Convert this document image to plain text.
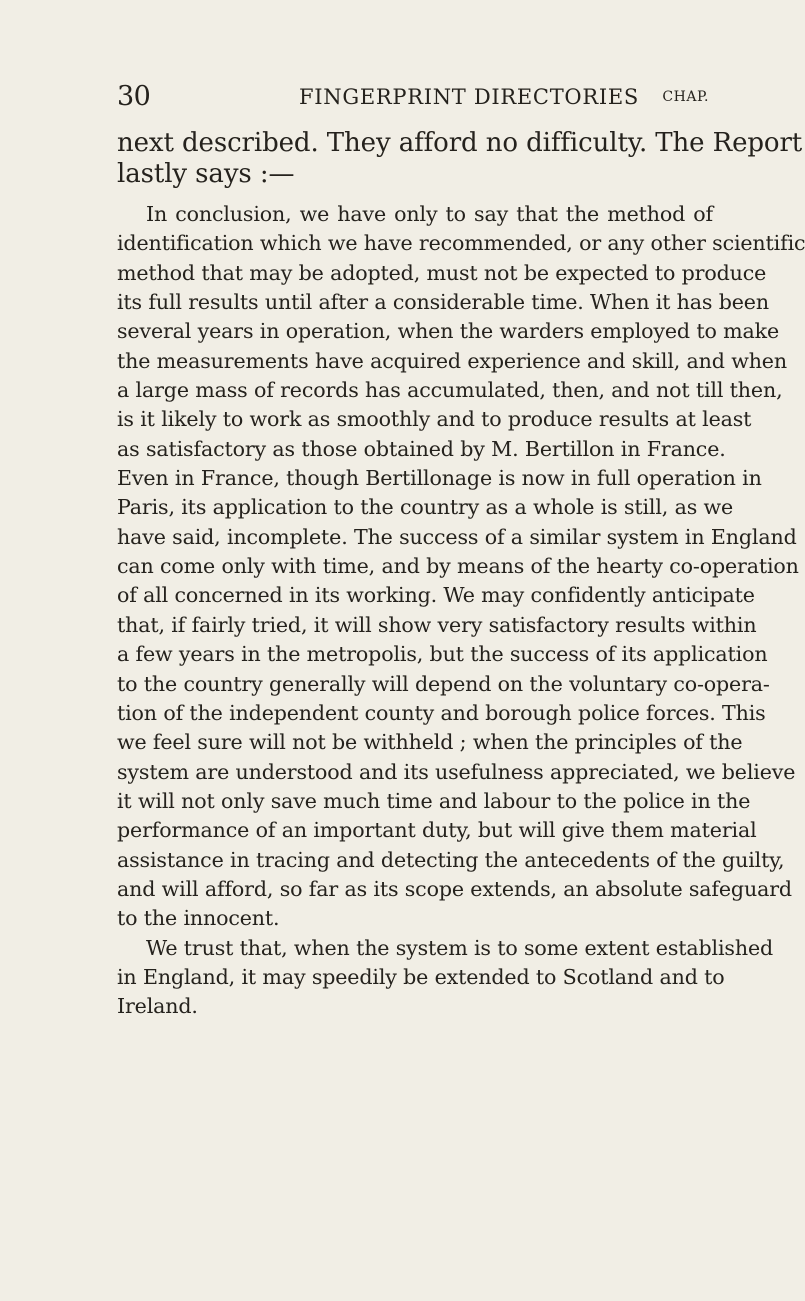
30	FINGERPRINT DIRECTORIES CHAP.
next described. They afford no difficulty. The Report
lastly says :—
In conclusion, we have only to say that the method of
identification which we have recommended, or any other scientific
method that may be adopted, must not be expected to produce
its full results until after a considerable time. When it has been
several years in operation, when the warders employed to make
the measurements have acquired experience and skill, and when
a large mass of records has accumulated, then, and not till then,
is it likely to work as smoothly and to produce results at least
as satisfactory as those obtained by M. Bertillon in France.
Even in France, though Bertillonage is now in full operation in
Paris, its application to the country as a whole is still, as we
have said, incomplete. The success of a similar system in England
can come only with time, and by means of the hearty co-operation
of all concerned in its working. We may confidently anticipate
that, if fairly tried, it will show very satisfactory results within
a few years in the metropolis, but the success of its application
to the country generally will depend on the voluntary co-opera-
tion of the independent county and borough police forces. This
we feel sure will not be withheld ; when the principles of the
system are understood and its usefulness appreciated, we believe
it will not only save much time and labour to the police in the
performance of an important duty, but will give them material
assistance in tracing and detecting the antecedents of the guilty,
and will afford, so far as its scope extends, an absolute safeguard
to the innocent.
We trust that, when the system is to some extent established
in England, it may speedily be extended to Scotland and to
Ireland.
